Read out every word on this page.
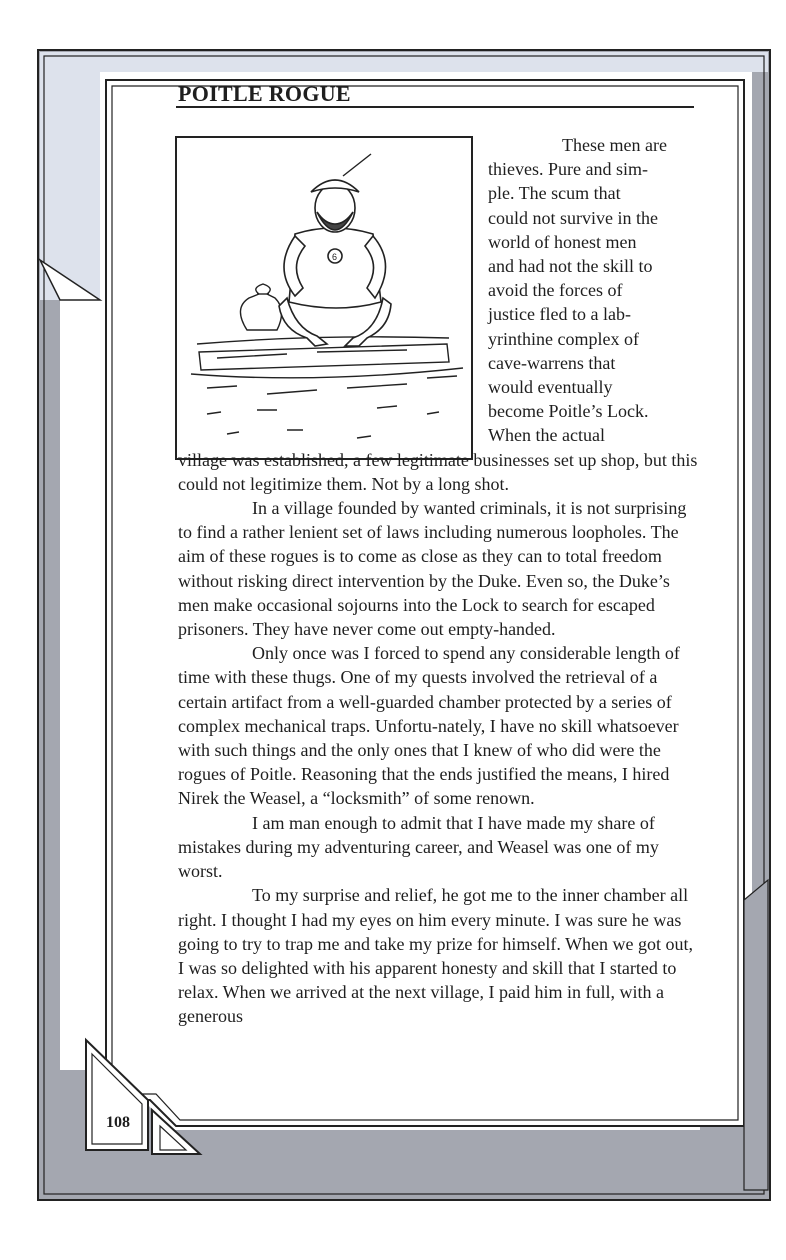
POITLE ROGUE
6
These men are
thieves. Pure and sim-
ple. The scum that
could not survive in the
world of honest men
and had not the skill to
avoid the forces of
justice fled to a lab-
yrinthine complex of
cave-warrens that
would eventually
become Poitle’s Lock.
When the actual

village was established, a few legitimate businesses set up shop, but this could not legitimize them. Not by a long shot.

In a village founded by wanted criminals, it is not surprising to find a rather lenient set of laws including numerous loopholes. The aim of these rogues is to come as close as they can to total freedom without risking direct intervention by the Duke. Even so, the Duke’s men make occasional sojourns into the Lock to search for escaped prisoners. They have never come out empty-handed.

Only once was I forced to spend any considerable length of time with these thugs. One of my quests involved the retrieval of a certain artifact from a well-guarded chamber protected by a series of complex mechanical traps. Unfortu-nately, I have no skill whatsoever with such things and the only ones that I knew of who did were the rogues of Poitle. Reasoning that the ends justified the means, I hired Nirek the Weasel, a “locksmith” of some renown.

I am man enough to admit that I have made my share of mistakes during my adventuring career, and Weasel was one of my worst.

To my surprise and relief, he got me to the inner chamber all right. I thought I had my eyes on him every minute. I was sure he was going to try to trap me and take my prize for himself. When we got out, I was so delighted with his apparent honesty and skill that I started to relax. When we arrived at the next village, I paid him in full, with a generous

108
